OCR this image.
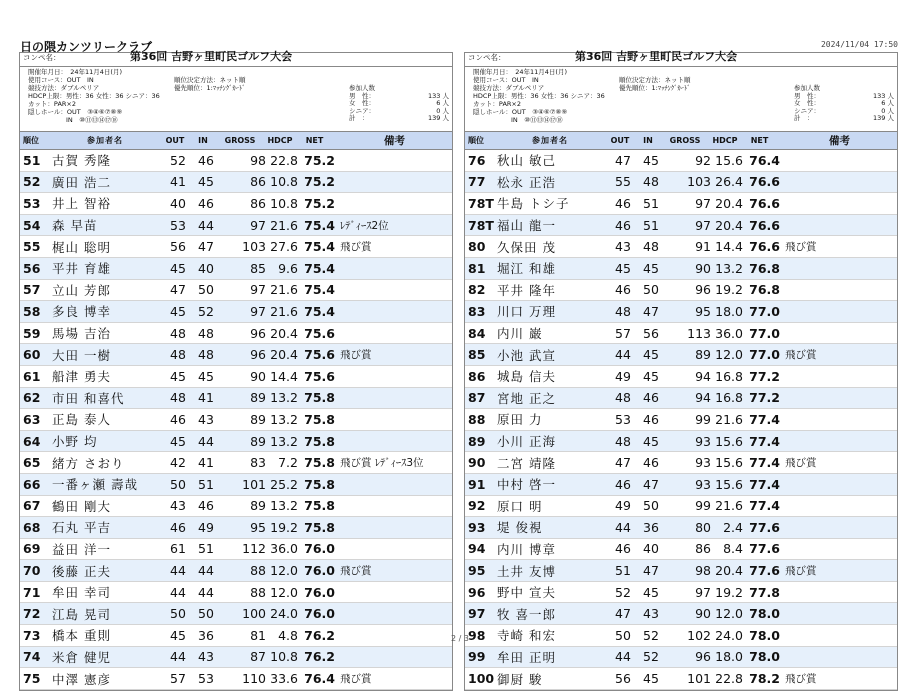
日の隈カンツリークラブ	2024/11/04 17:50
コンペ名：	第36回 吉野ヶ里町民ゴルフ大会
開催年月日：　24年11月4日(月)
使用コース：OUT　IN
競技方法：ダブルペリア
HDCP上限：男性：36 女性：36 シニア：36
カット：PAR×2
隠しホール：OUT　③④⑥⑦⑧⑨
IN　⑩⑪⑬⑭⑰⑱
順位決定方法：ネット順
優先順位：1:ﾏｯﾁﾝｸﾞｶｰﾄﾞ	参加人数
男　性：	133 人
女　性：	6 人
シニア：	0 人
計　：	139 人
順位	参加者名	OUT	IN	GROSS	HDCP	NET	備考
51 古賀 秀隆	52 46	98 22.8 75.2
52 廣田 浩二	41 45	86 10.8 75.2
53 井上 智裕	40 46	86 10.8 75.2
54 森 早苗	53 44	97 21.6 75.4 ﾚﾃﾞｨｰｽ2位
55 梶山 聡明	56 47	103 27.6 75.4 飛び賞
56 平井 育雄	45 40	85 9.6 75.4
57 立山 芳郎	47 50	97 21.6 75.4
58 多良 博幸	45 52	97 21.6 75.4
59 馬場 吉治	48 48	96 20.4 75.6
60 大田 一樹	48 48	96 20.4 75.6 飛び賞
61 船津 勇夫	45 45	90 14.4 75.6
62 市田 和喜代	48 41	89 13.2 75.8
63 正島 泰人	46 43	89 13.2 75.8
64 小野 均	45 44	89 13.2 75.8
65 緒方 さおり	42 41	83 7.2 75.8 飛び賞 ﾚﾃﾞｨｰｽ3位
66 一番ヶ瀬 壽哉	50 51	101 25.2 75.8
67 鶴田 剛大	43 46	89 13.2 75.8
68 石丸 平吉	46 49	95 19.2 75.8
69 益田 洋一	61 51	112 36.0 76.0
70 後藤 正夫	44 44	88 12.0 76.0 飛び賞
71 牟田 幸司	44 44	88 12.0 76.0
72 江島 晃司	50 50	100 24.0 76.0
73 橋本 重則	45 36	81 4.8 76.2
74 米倉 健児	44 43	87 10.8 76.2
75 中澤 憲彦	57 53	110 33.6 76.4 飛び賞
コンペ名：	第36回 吉野ヶ里町民ゴルフ大会
開催年月日：　24年11月4日(月)
使用コース：OUT　IN
競技方法：ダブルペリア
HDCP上限：男性：36 女性：36 シニア：36
カット：PAR×2
隠しホール：OUT　③④⑥⑦⑧⑨
IN　⑩⑪⑬⑭⑰⑱
順位決定方法：ネット順
優先順位：1:ﾏｯﾁﾝｸﾞｶｰﾄﾞ	参加人数
男　性：	133 人
女　性：	6 人
シニア：	0 人
計　：	139 人
順位	参加者名	OUT	IN	GROSS	HDCP	NET	備考
76 秋山 敏己	47 45	92 15.6 76.4
77 松永 正浩	55 48	103 26.4 76.6
78T 牛島 トシ子	46 51	97 20.4 76.6
78T 福山 龍一	46 51	97 20.4 76.6
80 久保田 茂	43 48	91 14.4 76.6 飛び賞
81 堀江 和雄	45 45	90 13.2 76.8
82 平井 隆年	46 50	96 19.2 76.8
83 川口 万理	48 47	95 18.0 77.0
84 内川 巌	57 56	113 36.0 77.0
85 小池 武宣	44 45	89 12.0 77.0 飛び賞
86 城島 信夫	49 45	94 16.8 77.2
87 宮地 正之	48 46	94 16.8 77.2
88 原田 力	53 46	99 21.6 77.4
89 小川 正海	48 45	93 15.6 77.4
90 二宮 靖隆	47 46	93 15.6 77.4 飛び賞
91 中村 啓一	46 47	93 15.6 77.4
92 原口 明	49 50	99 21.6 77.4
93 堤 俊視	44 36	80 2.4 77.6
94 内川 博章	46 40	86 8.4 77.6
95 土井 友博	51 47	98 20.4 77.6 飛び賞
96 野中 宣夫	52 45	97 19.2 77.8
97 牧 喜一郎	47 43	90 12.0 78.0
98 寺崎 和宏	50 52	102 24.0 78.0
99 牟田 正明	44 52	96 18.0 78.0
100 御厨 駿	56 45	101 22.8 78.2 飛び賞
2 / 3
